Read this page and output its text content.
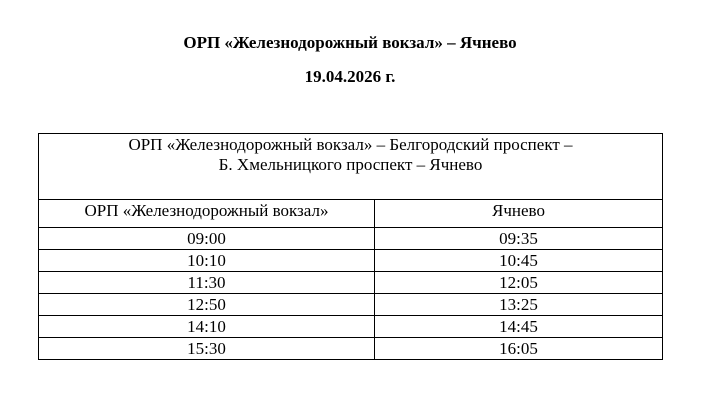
ОРП «Железнодорожный вокзал» – Ячнево
19.04.2026 г.
ОРП «Железнодорожный вокзал» – Белгородский проспект –
Б. Хмельницкого проспект – Ячнево	

ОРП «Железнодорожный вокзал»	Ячнево
09:00	09:35
10:10	10:45
11:30	12:05
12:50	13:25
14:10	14:45
15:30	16:05
